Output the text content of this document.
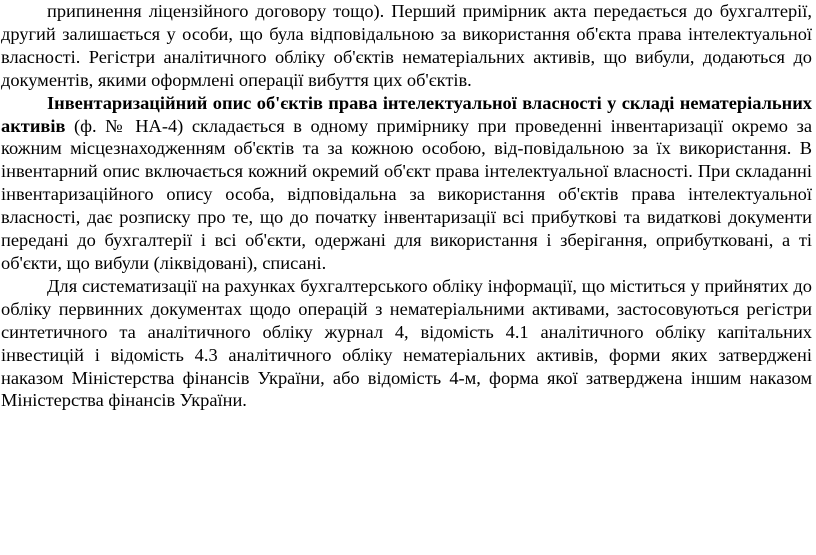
припинення ліцензійного договору тощо). Перший примірник акта передається до бухгалтерії, другий залишається у особи, що була відповідальною за використання об'єкта права інтелектуальної власності. Регістри аналітичного обліку об'єктів нематеріальних активів, що вибули, додаються до документів, якими оформлені операції вибуття цих об'єктів.

Інвентаризаційний опис об'єктів права інтелектуальної власності у складі нематеріальних активів (ф. № НА-4) складається в одному примірнику при проведенні інвентаризації окремо за кожним місцезнаходженням об'єктів та за кожною особою, від-повідальною за їх використання. В інвентарний опис включається кожний окремий об'єкт права інтелектуальної власності. При складанні інвентаризаційного опису особа, відповідальна за використання об'єктів права інтелектуальної власності, дає розписку про те, що до початку інвентаризації всі прибуткові та видаткові документи передані до бухгалтерії і всі об'єкти, одержані для використання і зберігання, оприбутковані, а ті об'єкти, що вибули (ліквідовані), списані.

Для систематизації на рахунках бухгалтерського обліку інформації, що міститься у прийнятих до обліку первинних документах щодо операцій з нематеріальними активами, застосовуються регістри синтетичного та аналітичного обліку журнал 4, відомість 4.1 аналітичного обліку капітальних інвестицій і відомість 4.3 аналітичного обліку нематеріальних активів, форми яких затверджені наказом Міністерства фінансів України, або відомість 4-м, форма якої затверджена іншим наказом Міністерства фінансів України.
